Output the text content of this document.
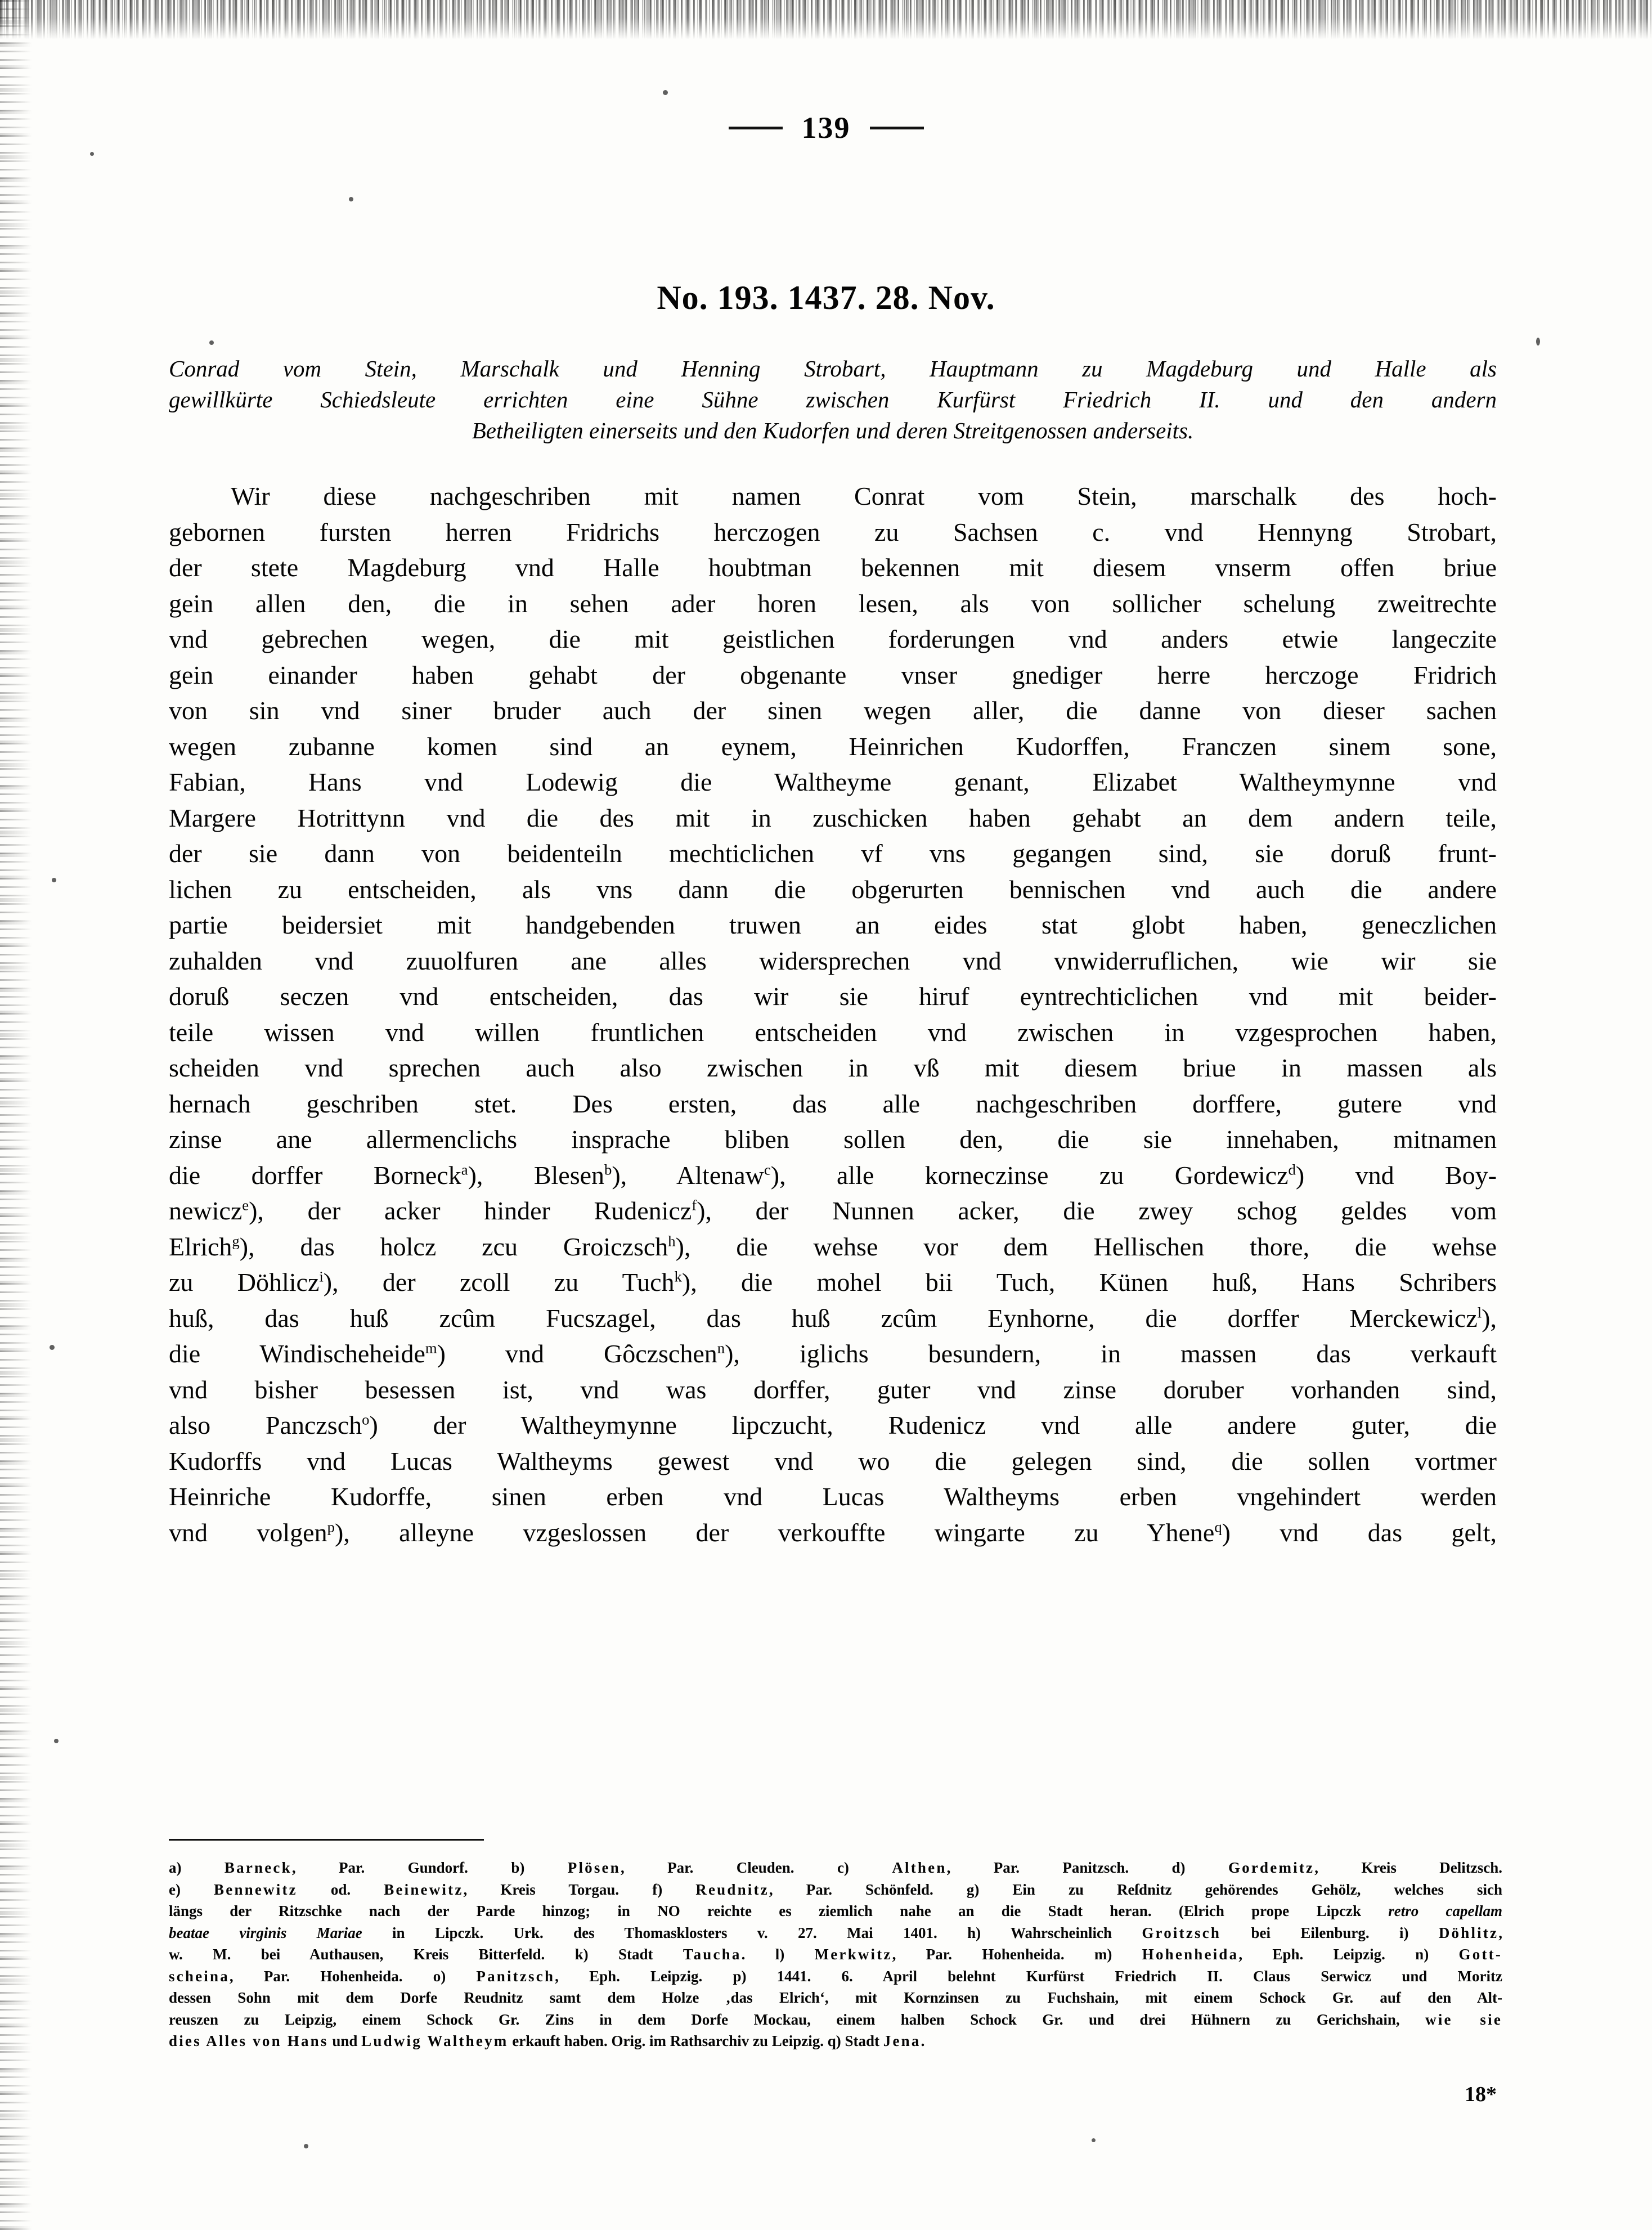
139
No. 193. 1437. 28. Nov.
Conrad vom Stein, Marschalk und Henning Strobart, Hauptmann zu Magdeburg und Halle als
gewillkürte Schiedsleute errichten eine Sühne zwischen Kurfürst Friedrich II. und den andern
Betheiligten einerseits und den Kudorfen und deren Streitgenossen anderseits.
Wir diese nachgeschriben mit namen Conrat vom Stein, marschalk des hoch-
gebornen fursten herren Fridrichs herczogen zu Sachsen c. vnd Hennyng Strobart,
der stete Magdeburg vnd Halle houbtman bekennen mit diesem vnserm offen briue
gein allen den, die in sehen ader horen lesen, als von sollicher schelung zweitrechte
vnd gebrechen wegen, die mit geistlichen forderungen vnd anders etwie langeczite
gein einander haben gehabt der obgenante vnser gnediger herre herczoge Fridrich
von sin vnd siner bruder auch der sinen wegen aller, die danne von dieser sachen
wegen zubanne komen sind an eynem, Heinrichen Kudorffen, Franczen sinem sone,
Fabian, Hans vnd Lodewig die Waltheyme genant, Elizabet Waltheymynne vnd
Margere Hotrittynn vnd die des mit in zuschicken haben gehabt an dem andern teile,
der sie dann von beidenteiln mechticlichen vf vns gegangen sind, sie doruß frunt-
lichen zu entscheiden, als vns dann die obgerurten bennischen vnd auch die andere
partie beidersiet mit handgebenden truwen an eides stat globt haben, geneczlichen
zuhalden vnd zuuolfuren ane alles widersprechen vnd vnwiderruflichen, wie wir sie
doruß seczen vnd entscheiden, das wir sie hiruf eyntrechticlichen vnd mit beider-
teile wissen vnd willen fruntlichen entscheiden vnd zwischen in vzgesprochen haben,
scheiden vnd sprechen auch also zwischen in vß mit diesem briue in massen als
hernach geschriben stet. Des ersten, das alle nachgeschriben dorffere, gutere vnd
zinse ane allermenclichs insprache bliben sollen den, die sie innehaben, mitnamen
die dorffer Borneck$^a$), Blesen$^b$), Altenaw$^c$), alle korneczinse zu Gordewicz$^d$) vnd Boy-
newicz$^e$), der acker hinder Rudenicz$^f$), der Nunnen acker, die zwey schog geldes vom
Elrich$^g$), das holcz zcu Groiczsch$^h$), die wehse vor dem Hellischen thore, die wehse
zu Döhlicz$^i$), der zcoll zu Tuch$^k$), die mohel bii Tuch, Künen huß, Hans Schribers
huß, das huß zcûm Fucszagel, das huß zcûm Eynhorne, die dorffer Merckewicz$^l$),
die Windischeheide$^m$) vnd Gôczschen$^n$), iglichs besundern, in massen das verkauft
vnd bisher besessen ist, vnd was dorffer, guter vnd zinse doruber vorhanden sind,
also Panczsch$^o$) der Waltheymynne lipczucht, Rudenicz vnd alle andere guter, die
Kudorffs vnd Lucas Waltheyms gewest vnd wo die gelegen sind, die sollen vortmer
Heinriche Kudorffe, sinen erben vnd Lucas Waltheyms erben vngehindert werden
vnd volgen$^p$), alleyne vzgeslossen der verkouffte wingarte zu Yhene$^q$) vnd das gelt,
a) Barneck, Par. Gundorf. b) Plösen, Par. Cleuden. c) Althen, Par. Panitzsch. d) Gordemitz, Kreis Delitzsch.
e) Bennewitz od. Beinewitz, Kreis Torgau. f) Reudnitz, Par. Schönfeld. g) Ein zu Reſdnitz gehörendes Gehölz, welches sich
längs der Ritzschke nach der Parde hinzog; in NO reichte es ziemlich nahe an die Stadt heran. (Elrich prope Lipczk retro capellam
beatae virginis Mariae in Lipczk. Urk. des Thomasklosters v. 27. Mai 1401. h) Wahrscheinlich Groitzsch bei Eilenburg. i) Döhlitz,
w. M. bei Authausen, Kreis Bitterfeld. k) Stadt Taucha. l) Merkwitz, Par. Hohenheida. m) Hohenheida, Eph. Leipzig. n) Gott-
scheina, Par. Hohenheida. o) Panitzsch, Eph. Leipzig. p) 1441. 6. April belehnt Kurfürst Friedrich II. Claus Serwicz und Moritz
dessen Sohn mit dem Dorfe Reudnitz samt dem Holze ‚das Elrich‘, mit Kornzinsen zu Fuchshain, mit einem Schock Gr. auf den Alt-
reuszen zu Leipzig, einem Schock Gr. Zins in dem Dorfe Mockau, einem halben Schock Gr. und drei Hühnern zu Gerichshain, wie sie
dies Alles von Hans und Ludwig Waltheym erkauft haben. Orig. im Rathsarchiv zu Leipzig. q) Stadt Jena.
18*
